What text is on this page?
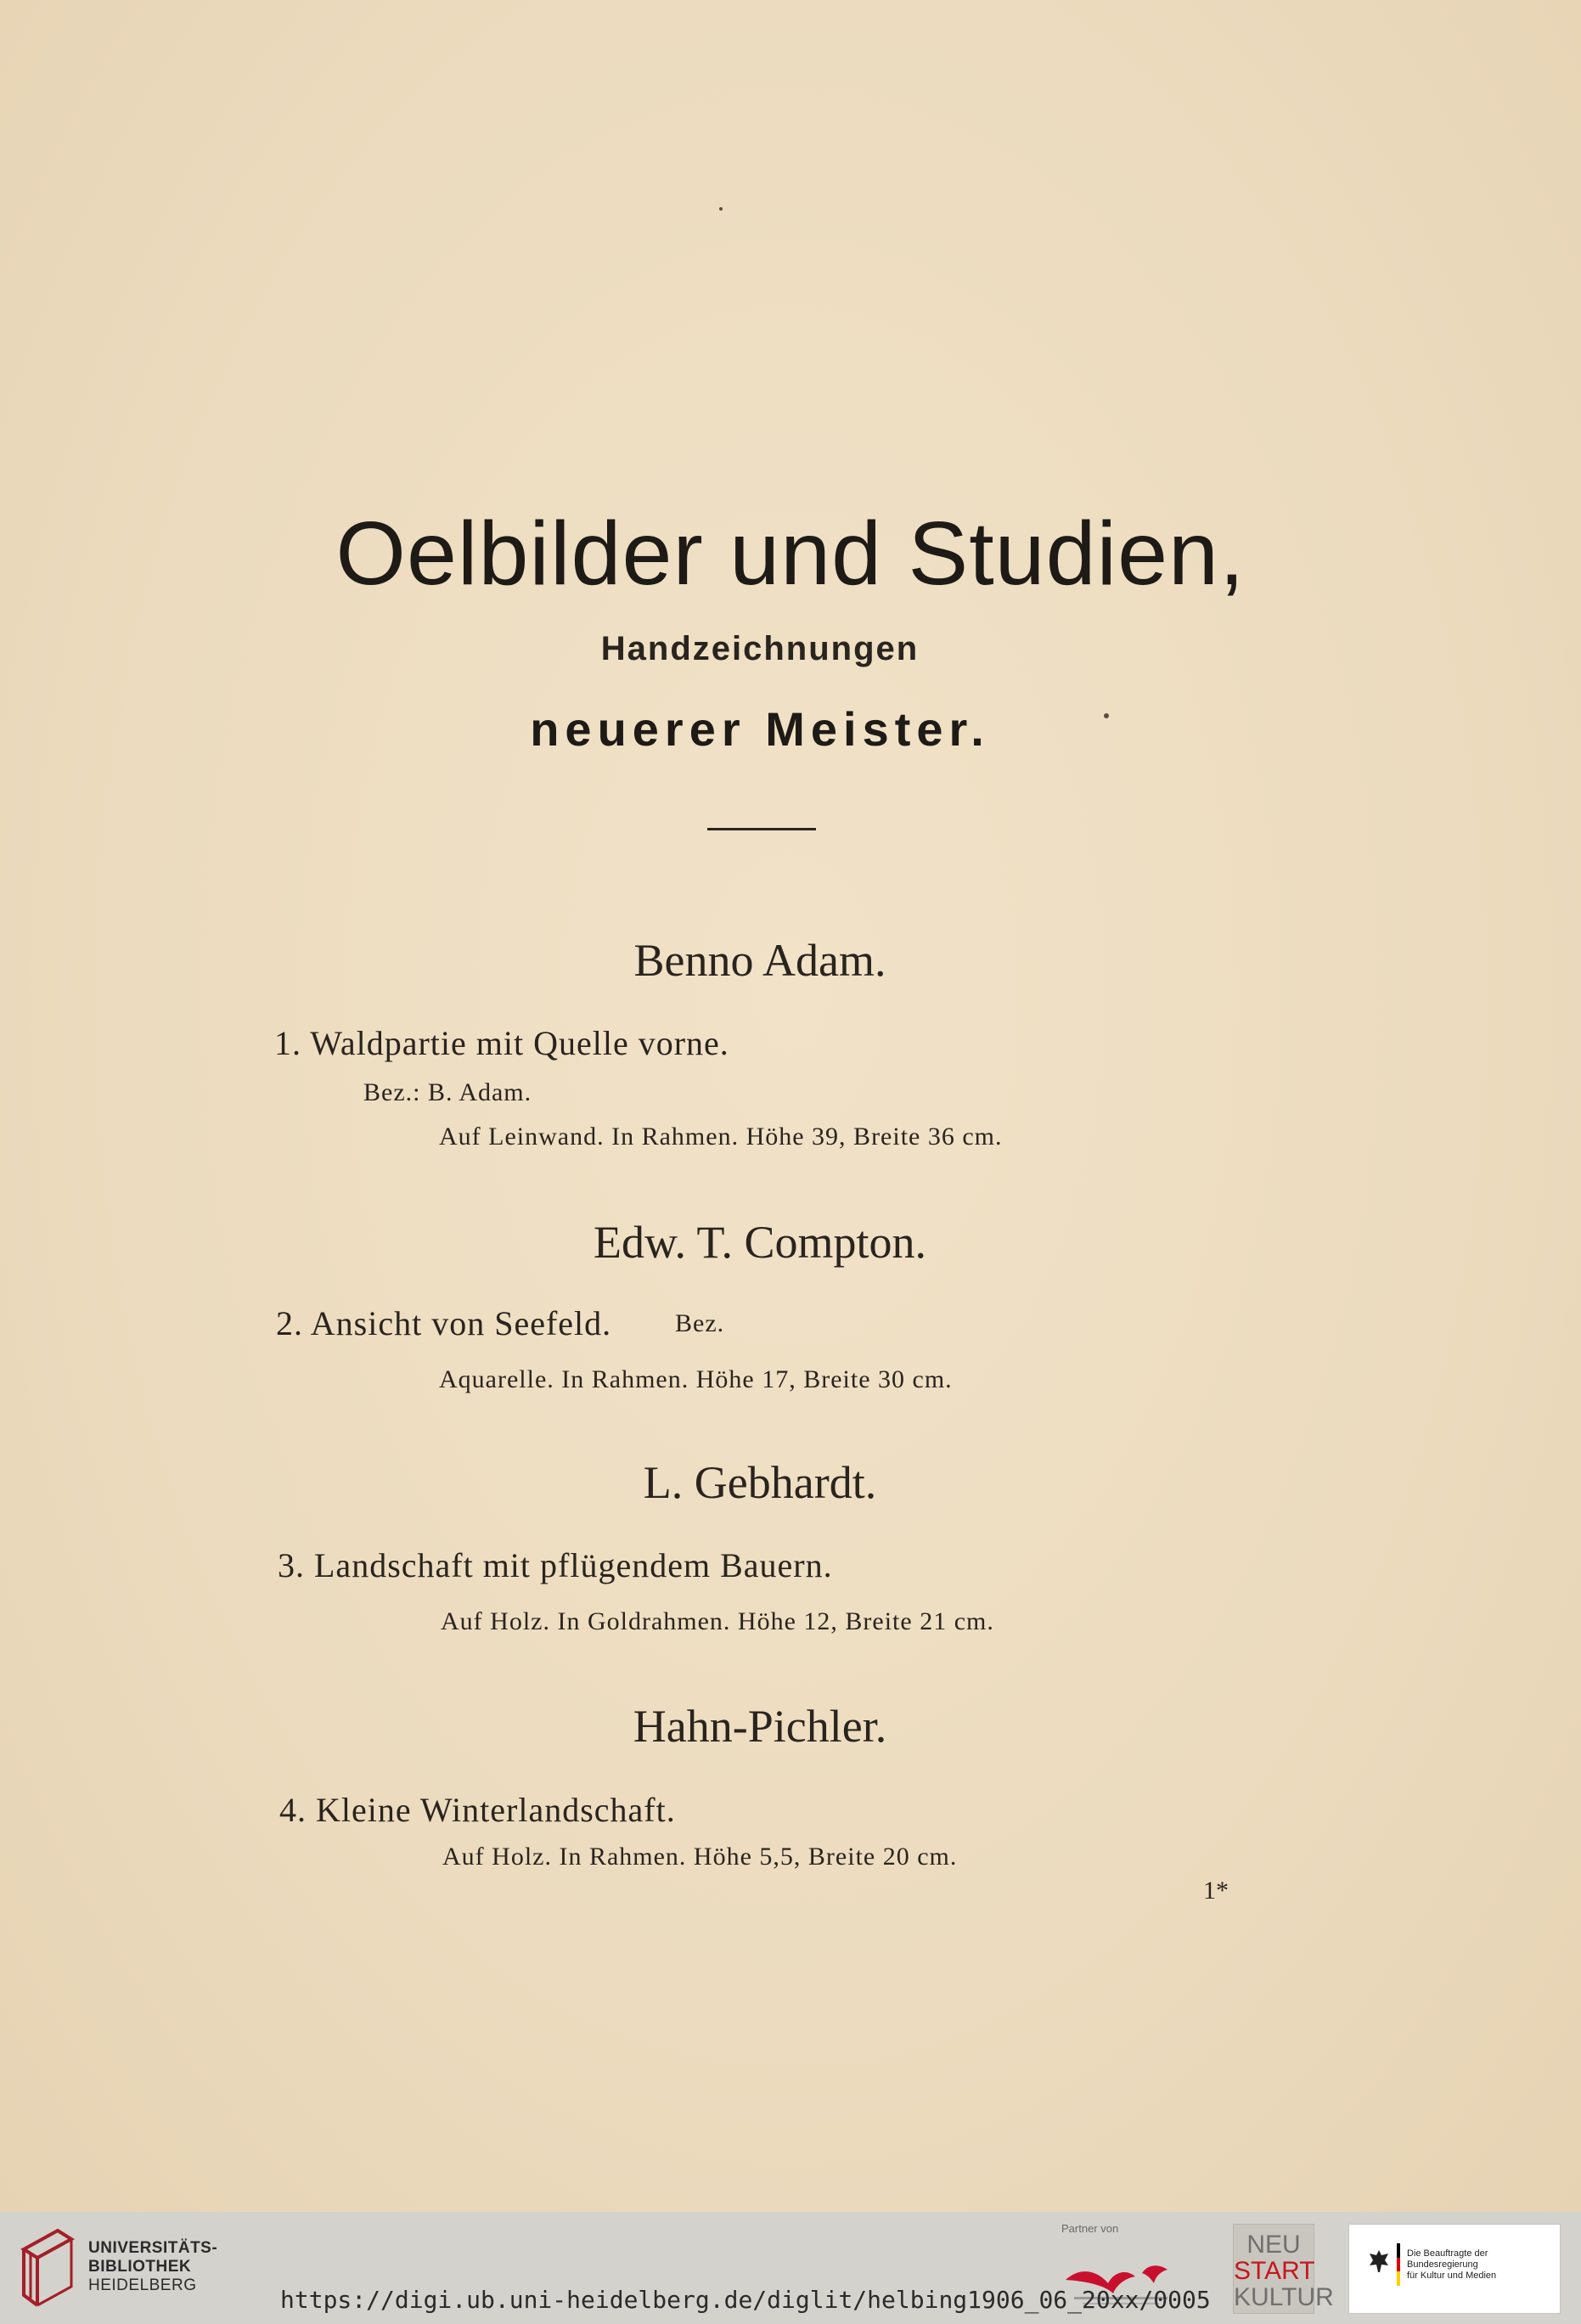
Oelbilder und Studien,
Handzeichnungen
neuerer Meister.
Benno Adam.
1. Waldpartie mit Quelle vorne.
Bez.: B. Adam.
Auf Leinwand. In Rahmen. Höhe 39, Breite 36 cm.
Edw. T. Compton.
2. Ansicht von Seefeld. Bez.
Aquarelle. In Rahmen. Höhe 17, Breite 30 cm.
L. Gebhardt.
3. Landschaft mit pflügendem Bauern.
Auf Holz. In Goldrahmen. Höhe 12, Breite 21 cm.
Hahn-Pichler.
4. Kleine Winterlandschaft.
Auf Holz. In Rahmen. Höhe 5,5, Breite 20 cm.
1*
UNIVERSITÄTS-
BIBLIOTHEK
HEIDELBERG
Partner von
NEU
START
KULTUR
Die Beauftragte der Bundesregierung
für Kultur und Medien
https://digi.ub.uni-heidelberg.de/diglit/helbing1906_06_20xx/0005
